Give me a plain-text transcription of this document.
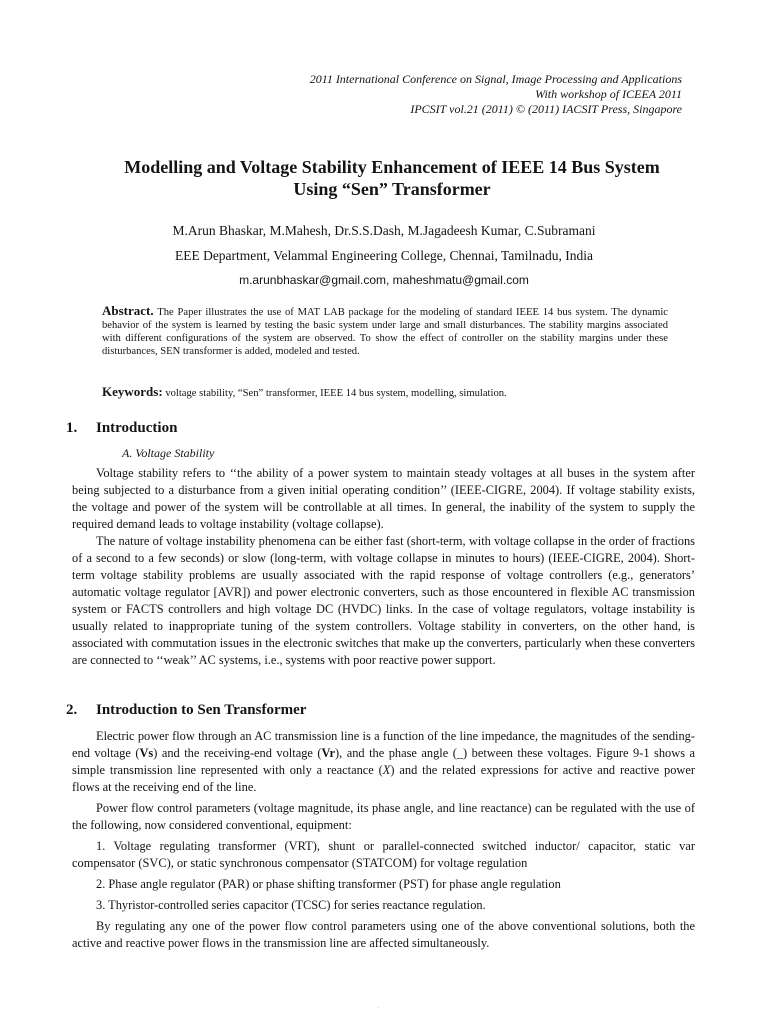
2011 International Conference on Signal, Image Processing and Applications
With workshop of ICEEA 2011
IPCSIT vol.21 (2011) © (2011) IACSIT Press, Singapore
Modelling and Voltage Stability Enhancement of IEEE 14 Bus System
Using “Sen” Transformer
M.Arun Bhaskar, M.Mahesh, Dr.S.S.Dash, M.Jagadeesh Kumar, C.Subramani
EEE Department, Velammal Engineering College, Chennai, Tamilnadu, India
m.arunbhaskar@gmail.com, maheshmatu@gmail.com
Abstract. The Paper illustrates the use of MAT LAB package for the modeling of standard IEEE 14 bus system. The dynamic behavior of the system is learned by testing the basic system under large and small disturbances. The stability margins associated with different configurations of the system are observed. To show the effect of controller on the stability margins under these disturbances, SEN transformer is added, modeled and tested.
Keywords: voltage stability, “Sen” transformer, IEEE 14 bus system, modelling, simulation.
1. Introduction
A. Voltage Stability

Voltage stability refers to ‘‘the ability of a power system to maintain steady voltages at all buses in the system after being subjected to a disturbance from a given initial operating condition’’ (IEEE-CIGRE, 2004). If voltage stability exists, the voltage and power of the system will be controllable at all times. In general, the inability of the system to supply the required demand leads to voltage instability (voltage collapse).

The nature of voltage instability phenomena can be either fast (short-term, with voltage collapse in the order of fractions of a second to a few seconds) or slow (long-term, with voltage collapse in minutes to hours) (IEEE-CIGRE, 2004). Short-term voltage stability problems are usually associated with the rapid response of voltage controllers (e.g., generators’ automatic voltage regulator [AVR]) and power electronic converters, such as those encountered in flexible AC transmission system or FACTS controllers and high voltage DC (HVDC) links. In the case of voltage regulators, voltage instability is usually related to inappropriate tuning of the system controllers. Voltage stability in converters, on the other hand, is associated with commutation issues in the electronic switches that make up the converters, particularly when these converters are connected to ‘‘weak’’ AC systems, i.e., systems with poor reactive power support.

2. Introduction to Sen Transformer

Electric power flow through an AC transmission line is a function of the line impedance, the magnitudes of the sending-end voltage (Vs) and the receiving-end voltage (Vr), and the phase angle (_) between these voltages. Figure 9-1 shows a simple transmission line represented with only a reactance (X) and the related expressions for active and reactive power flows at the receiving end of the line.

Power flow control parameters (voltage magnitude, its phase angle, and line reactance) can be regulated with the use of the following, now considered conventional, equipment:

1. Voltage regulating transformer (VRT), shunt or parallel-connected switched inductor/ capacitor, static var compensator (SVC), or static synchronous compensator (STATCOM) for voltage regulation

2. Phase angle regulator (PAR) or phase shifting transformer (PST) for phase angle regulation

3. Thyristor-controlled series capacitor (TCSC) for series reactance regulation.

By regulating any one of the power flow control parameters using one of the above conventional solutions, both the active and reactive power flows in the transmission line are affected simultaneously.

.
